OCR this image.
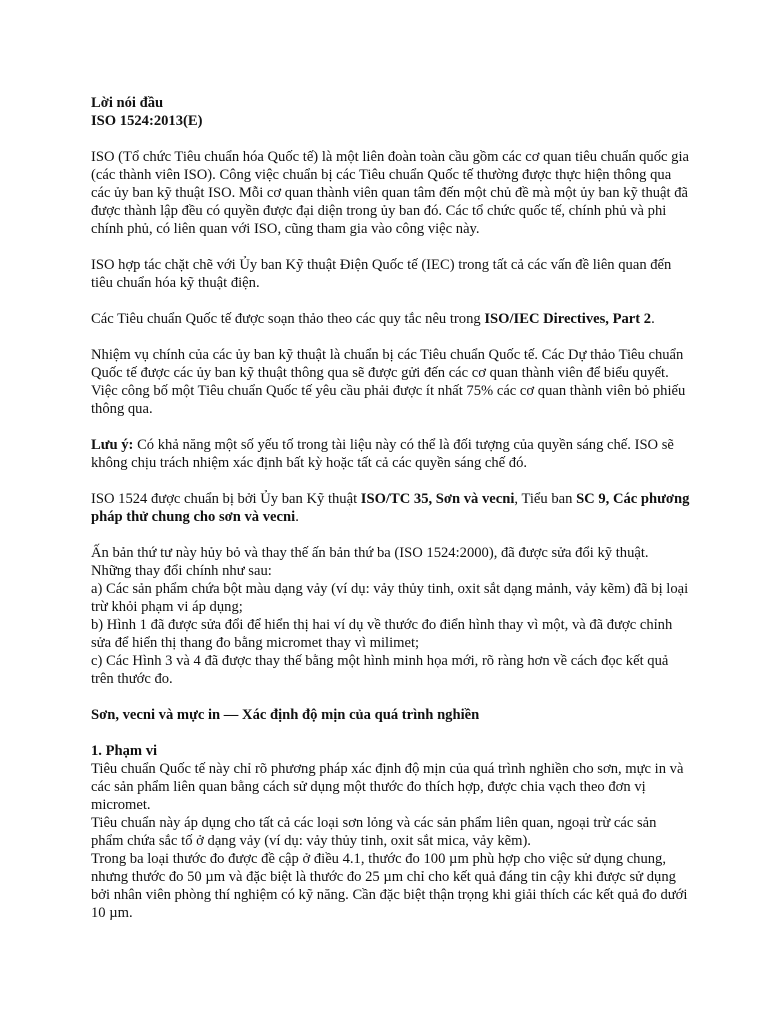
Lời nói đầu
ISO 1524:2013(E)

ISO (Tổ chức Tiêu chuẩn hóa Quốc tế) là một liên đoàn toàn cầu gồm các cơ quan tiêu chuẩn quốc gia (các thành viên ISO). Công việc chuẩn bị các Tiêu chuẩn Quốc tế thường được thực hiện thông qua các ủy ban kỹ thuật ISO. Mỗi cơ quan thành viên quan tâm đến một chủ đề mà một ủy ban kỹ thuật đã được thành lập đều có quyền được đại diện trong ủy ban đó. Các tổ chức quốc tế, chính phủ và phi chính phủ, có liên quan với ISO, cũng tham gia vào công việc này.

ISO hợp tác chặt chẽ với Ủy ban Kỹ thuật Điện Quốc tế (IEC) trong tất cả các vấn đề liên quan đến tiêu chuẩn hóa kỹ thuật điện.

Các Tiêu chuẩn Quốc tế được soạn thảo theo các quy tắc nêu trong ISO/IEC Directives, Part 2.

Nhiệm vụ chính của các ủy ban kỹ thuật là chuẩn bị các Tiêu chuẩn Quốc tế. Các Dự thảo Tiêu chuẩn Quốc tế được các ủy ban kỹ thuật thông qua sẽ được gửi đến các cơ quan thành viên để biểu quyết. Việc công bố một Tiêu chuẩn Quốc tế yêu cầu phải được ít nhất 75% các cơ quan thành viên bỏ phiếu thông qua.

Lưu ý: Có khả năng một số yếu tố trong tài liệu này có thể là đối tượng của quyền sáng chế. ISO sẽ không chịu trách nhiệm xác định bất kỳ hoặc tất cả các quyền sáng chế đó.

ISO 1524 được chuẩn bị bởi Ủy ban Kỹ thuật ISO/TC 35, Sơn và vecni, Tiểu ban SC 9, Các phương pháp thử chung cho sơn và vecni.

Ấn bản thứ tư này hủy bỏ và thay thế ấn bản thứ ba (ISO 1524:2000), đã được sửa đổi kỹ thuật. Những thay đổi chính như sau:

a) Các sản phẩm chứa bột màu dạng vảy (ví dụ: vảy thủy tinh, oxit sắt dạng mảnh, vảy kẽm) đã bị loại trừ khỏi phạm vi áp dụng;

b) Hình 1 đã được sửa đổi để hiển thị hai ví dụ về thước đo điển hình thay vì một, và đã được chỉnh sửa để hiển thị thang đo bằng micromet thay vì milimet;

c) Các Hình 3 và 4 đã được thay thế bằng một hình minh họa mới, rõ ràng hơn về cách đọc kết quả trên thước đo.

Sơn, vecni và mực in — Xác định độ mịn của quá trình nghiền

1. Phạm vi

Tiêu chuẩn Quốc tế này chỉ rõ phương pháp xác định độ mịn của quá trình nghiền cho sơn, mực in và các sản phẩm liên quan bằng cách sử dụng một thước đo thích hợp, được chia vạch theo đơn vị micromet.

Tiêu chuẩn này áp dụng cho tất cả các loại sơn lỏng và các sản phẩm liên quan, ngoại trừ các sản phẩm chứa sắc tố ở dạng vảy (ví dụ: vảy thủy tinh, oxit sắt mica, vảy kẽm).

Trong ba loại thước đo được đề cập ở điều 4.1, thước đo 100 µm phù hợp cho việc sử dụng chung, nhưng thước đo 50 µm và đặc biệt là thước đo 25 µm chỉ cho kết quả đáng tin cậy khi được sử dụng bởi nhân viên phòng thí nghiệm có kỹ năng. Cần đặc biệt thận trọng khi giải thích các kết quả đo dưới 10 µm.
